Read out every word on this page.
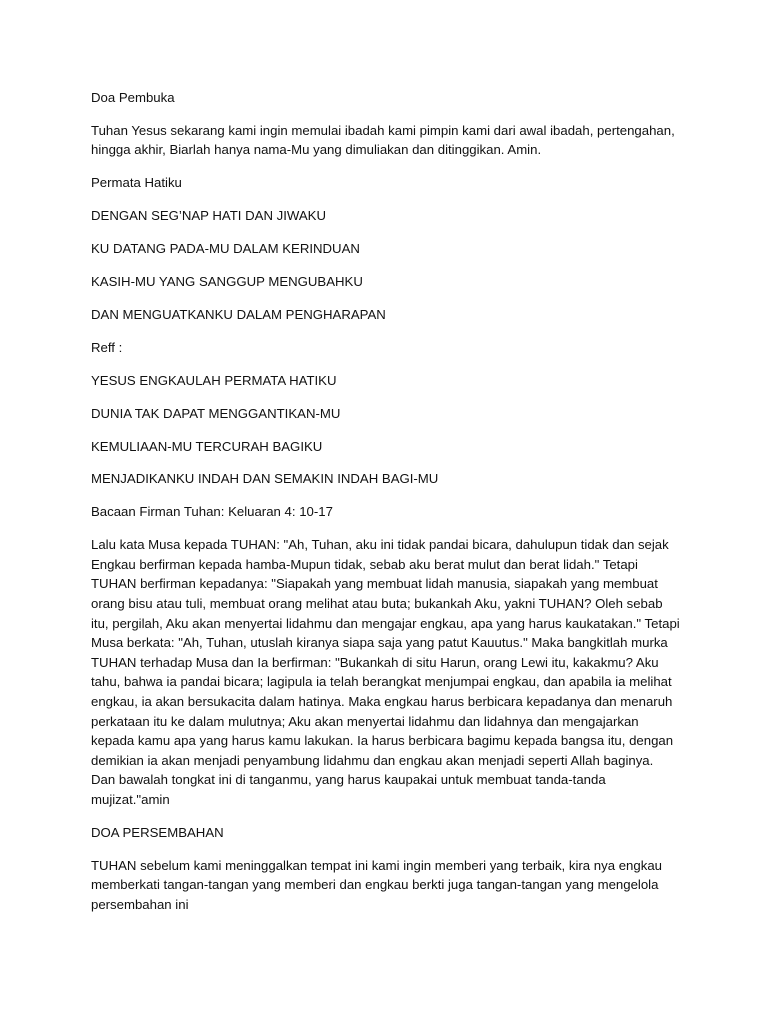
Doa Pembuka

Tuhan Yesus sekarang kami ingin memulai ibadah kami pimpin kami dari awal ibadah, pertengahan, hingga akhir, Biarlah hanya nama-Mu yang dimuliakan dan ditinggikan. Amin.

Permata Hatiku

DENGAN SEG’NAP HATI DAN JIWAKU

KU DATANG PADA-MU DALAM KERINDUAN

KASIH-MU YANG SANGGUP MENGUBAHKU

DAN MENGUATKANKU DALAM PENGHARAPAN

Reff :

YESUS ENGKAULAH PERMATA HATIKU

DUNIA TAK DAPAT MENGGANTIKAN-MU

KEMULIAAN-MU TERCURAH BAGIKU

MENJADIKANKU INDAH DAN SEMAKIN INDAH BAGI-MU

Bacaan Firman Tuhan: Keluaran 4: 10-17

Lalu kata Musa kepada TUHAN: "Ah, Tuhan, aku ini tidak pandai bicara, dahulupun tidak dan sejak Engkau berfirman kepada hamba-Mupun tidak, sebab aku berat mulut dan berat lidah." Tetapi TUHAN berfirman kepadanya: "Siapakah yang membuat lidah manusia, siapakah yang membuat orang bisu atau tuli, membuat orang melihat atau buta; bukankah Aku, yakni TUHAN? Oleh sebab itu, pergilah, Aku akan menyertai lidahmu dan mengajar engkau, apa yang harus kaukatakan." Tetapi Musa berkata: "Ah, Tuhan, utuslah kiranya siapa saja yang patut Kauutus." Maka bangkitlah murka TUHAN terhadap Musa dan Ia berfirman: "Bukankah di situ Harun, orang Lewi itu, kakakmu? Aku tahu, bahwa ia pandai bicara; lagipula ia telah berangkat menjumpai engkau, dan apabila ia melihat engkau, ia akan bersukacita dalam hatinya. Maka engkau harus berbicara kepadanya dan menaruh perkataan itu ke dalam mulutnya; Aku akan menyertai lidahmu dan lidahnya dan mengajarkan kepada kamu apa yang harus kamu lakukan. Ia harus berbicara bagimu kepada bangsa itu, dengan demikian ia akan menjadi penyambung lidahmu dan engkau akan menjadi seperti Allah baginya. Dan bawalah tongkat ini di tanganmu, yang harus kaupakai untuk membuat tanda-tanda mujizat."amin

DOA PERSEMBAHAN

TUHAN sebelum kami meninggalkan tempat ini kami ingin memberi yang terbaik, kira nya engkau memberkati tangan-tangan yang memberi dan engkau berkti juga tangan-tangan yang mengelola persembahan ini
